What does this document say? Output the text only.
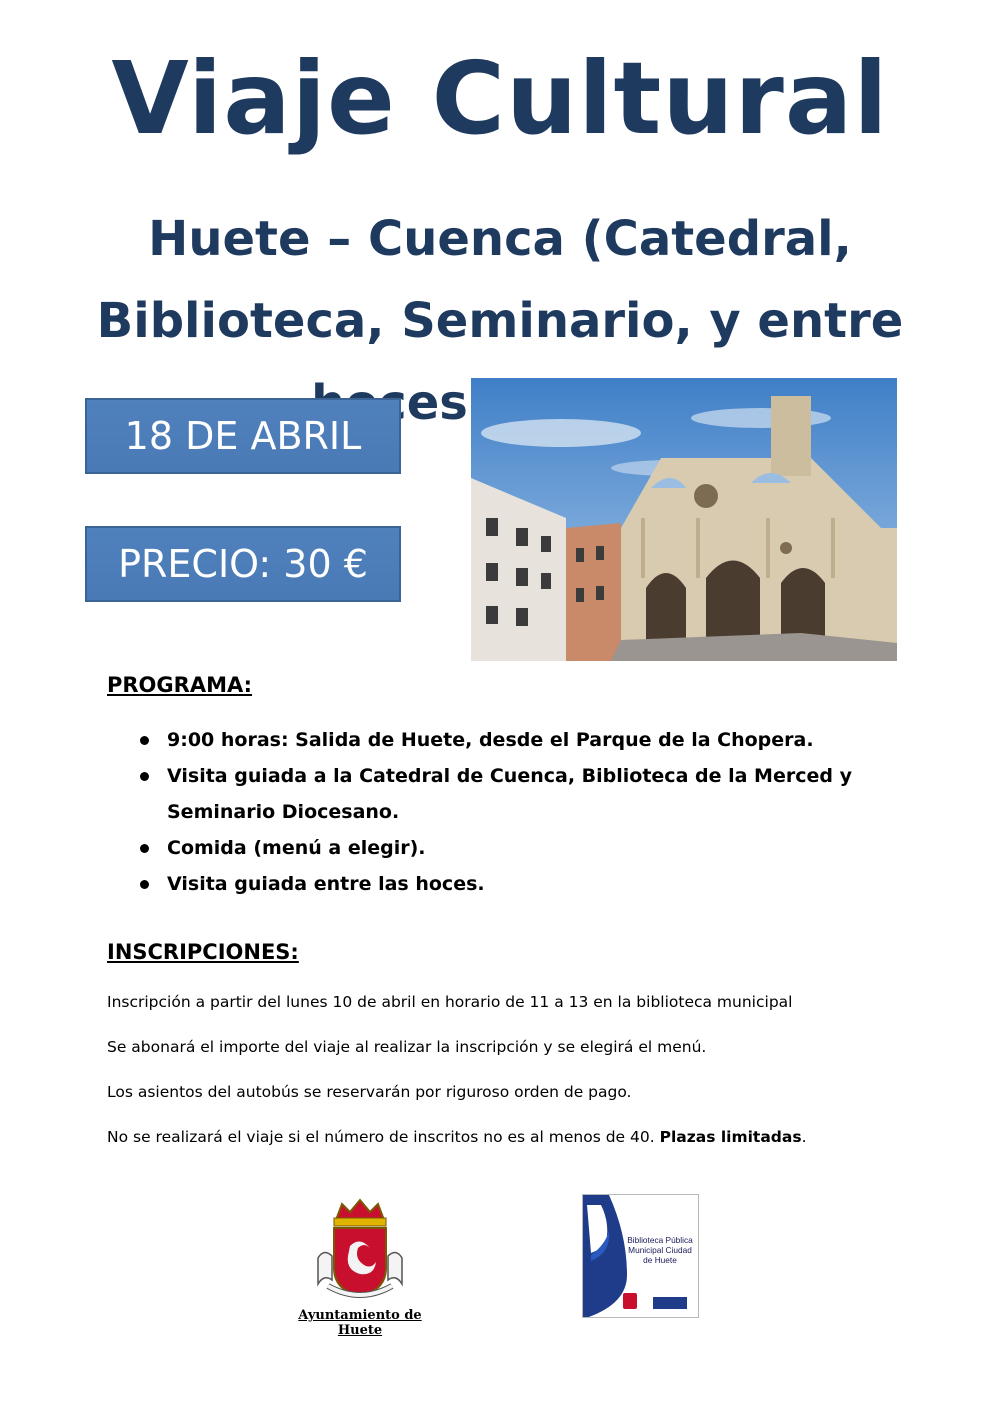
Viaje Cultural
Huete – Cuenca (Catedral, Biblioteca, Seminario, y entre hoces)-
18 DE ABRIL
PRECIO: 30 €
PROGRAMA:
9:00 horas: Salida de Huete, desde el Parque de la Chopera.
Visita guiada a la Catedral de Cuenca, Biblioteca de la Merced y Seminario Diocesano.
Comida (menú a elegir).
Visita guiada entre las hoces.
INSCRIPCIONES:

Inscripción a partir del lunes 10 de abril en horario de 11 a 13 en la biblioteca municipal

Se abonará el importe del viaje al realizar la inscripción y se elegirá el menú.

Los asientos del autobús se reservarán por riguroso orden de pago.

No se realizará el viaje si el número de inscritos no es al menos de 40. Plazas limitadas.

Ayuntamiento de Huete
Biblioteca Pública Municipal Ciudad de Huete
